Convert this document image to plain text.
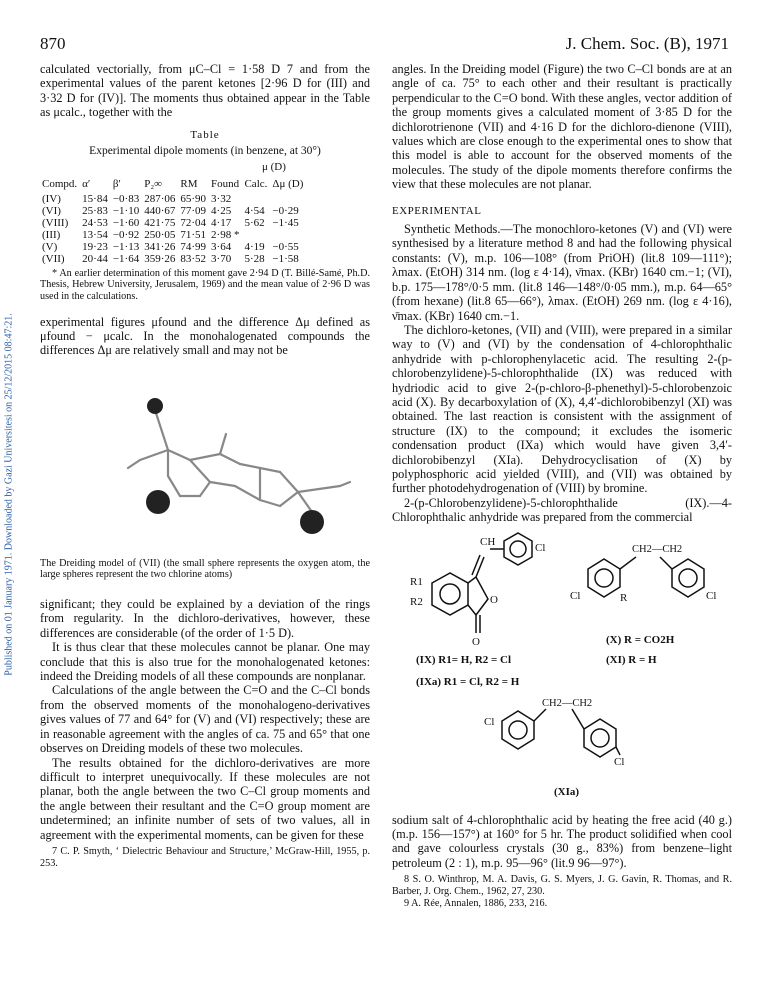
870	J. Chem. Soc. (B), 1971
Published on 01 January 1971. Downloaded by Gazi Universitesi on 25/12/2015 08:47:21.

calculated vectorially, from μC–Cl = 1·58 D 7 and from the experimental values of the parent ketones [2·96 D for (III) and 3·32 D for (IV)]. The moments thus obtained appear in the Table as μcalc., together with the

Table
Experimental dipole moments (in benzene, at 30°)
μ (D)
Compd.	α′	β′	P₂∞	RM	Found	Calc.	Δμ (D)
(IV)	15·84	−0·83	287·06	65·90	3·32		
(VI)	25·83	−1·10	440·67	77·09	4·25	4·54	−0·29
(VIII)	24·53	−1·60	421·75	72·04	4·17	5·62	−1·45
(III)	13·54	−0·92	250·05	71·51	2·98 *		
(V)	19·23	−1·13	341·26	74·99	3·64	4·19	−0·55
(VII)	20·44	−1·64	359·26	83·52	3·70	5·28	−1·58

* An earlier determination of this moment gave 2·94 D (T. Billé-Samé, Ph.D. Thesis, Hebrew University, Jerusalem, 1969) and the mean value of 2·96 D was used in the calculations.

experimental figures μfound and the difference Δμ defined as μfound − μcalc. In the monohalogenated compounds the differences Δμ are relatively small and may not be

The Dreiding model of (VII) (the small sphere represents the oxygen atom, the large spheres represent the two chlorine atoms)

significant; they could be explained by a deviation of the rings from regularity. In the dichloro-derivatives, however, these differences are considerable (of the order of 1·5 D).

It is thus clear that these molecules cannot be planar. One may conclude that this is also true for the monohalogenated ketones: indeed the Dreiding models of all these compounds are nonplanar.

Calculations of the angle between the C=O and the C–Cl bonds from the observed moments of the monohalogeno-derivatives gives values of 77 and 64° for (V) and (VI) respectively; these are in reasonable agreement with the angles of ca. 75 and 65° that one observes on Dreiding models of these two molecules.

The results obtained for the dichloro-derivatives are more difficult to interpret unequivocally. If these molecules are not planar, both the angle between the two C–Cl group moments and the angle between their resultant and the C=O group moment are undetermined; an infinite number of sets of two values, all in agreement with the experimental moments, can be given for these

7 C. P. Smyth, ‘ Dielectric Behaviour and Structure,’ McGraw-Hill, 1955, p. 253.

angles. In the Dreiding model (Figure) the two C–Cl bonds are at an angle of ca. 75° to each other and their resultant is practically perpendicular to the C=O bond. With these angles, vector addition of the group moments gives a calculated moment of 3·85 D for the dichlorotrienone (VII) and 4·16 D for the dichloro-dienone (VIII), values which are close enough to the experimental ones to show that this model is able to account for the observed moments of the molecules. The study of the dipole moments therefore confirms the view that these molecules are not planar.

EXPERIMENTAL

Synthetic Methods.—The monochloro-ketones (V) and (VI) were synthesised by a literature method 8 and had the following physical constants: (V), m.p. 106—108° (from PriOH) (lit.8 109—111°); λmax. (EtOH) 314 nm. (log ε 4·14), ν̄max. (KBr) 1640 cm.−1; (VI), b.p. 175—178°/0·5 mm. (lit.8 146—148°/0·05 mm.), m.p. 64—65° (from hexane) (lit.8 65—66°), λmax. (EtOH) 269 nm. (log ε 4·16), ν̄max. (KBr) 1640 cm.−1.

The dichloro-ketones, (VII) and (VIII), were prepared in a similar way to (V) and (VI) by the condensation of 4-chlorophthalic anhydride with p-chlorophenylacetic acid. The resulting 2-(p-chlorobenzylidene)-5-chlorophthalide (IX) was reduced with hydriodic acid to give 2-(p-chloro-β-phenethyl)-5-chlorobenzoic acid (X). By decarboxylation of (X), 4,4′-dichlorobibenzyl (XI) was obtained. The last reaction is consistent with the assignment of structure (IX) to the compound; it excludes the isomeric condensation product (IXa) which would have given 3,4′-dichlorobibenzyl (XIa). Dehydrocyclisation of (X) by polyphosphoric acid yielded (VIII), and (VII) was obtained by further photodehydrogenation of (VIII) by bromine.

2-(p-Chlorobenzylidene)-5-chlorophthalide (IX).—4-Chlorophthalic anhydride was prepared from the commercial

CH	Cl
R1
R2	O
O
CH2—CH2
Cl	R	Cl
(X) R = CO2H
(IX) R1= H, R2 = Cl	(XI) R = H
(IXa) R1 = Cl, R2 = H
Cl
CH2—CH2
Cl
(XIa)

sodium salt of 4-chlorophthalic acid by heating the free acid (40 g.) (m.p. 156—157°) at 160° for 5 hr. The product solidified when cool and gave colourless crystals (30 g., 83%) from benzene–light petroleum (2 : 1), m.p. 95—96° (lit.9 96—97°).

8 S. O. Winthrop, M. A. Davis, G. S. Myers, J. G. Gavin, R. Thomas, and R. Barber, J. Org. Chem., 1962, 27, 230.

9 A. Rée, Annalen, 1886, 233, 216.
